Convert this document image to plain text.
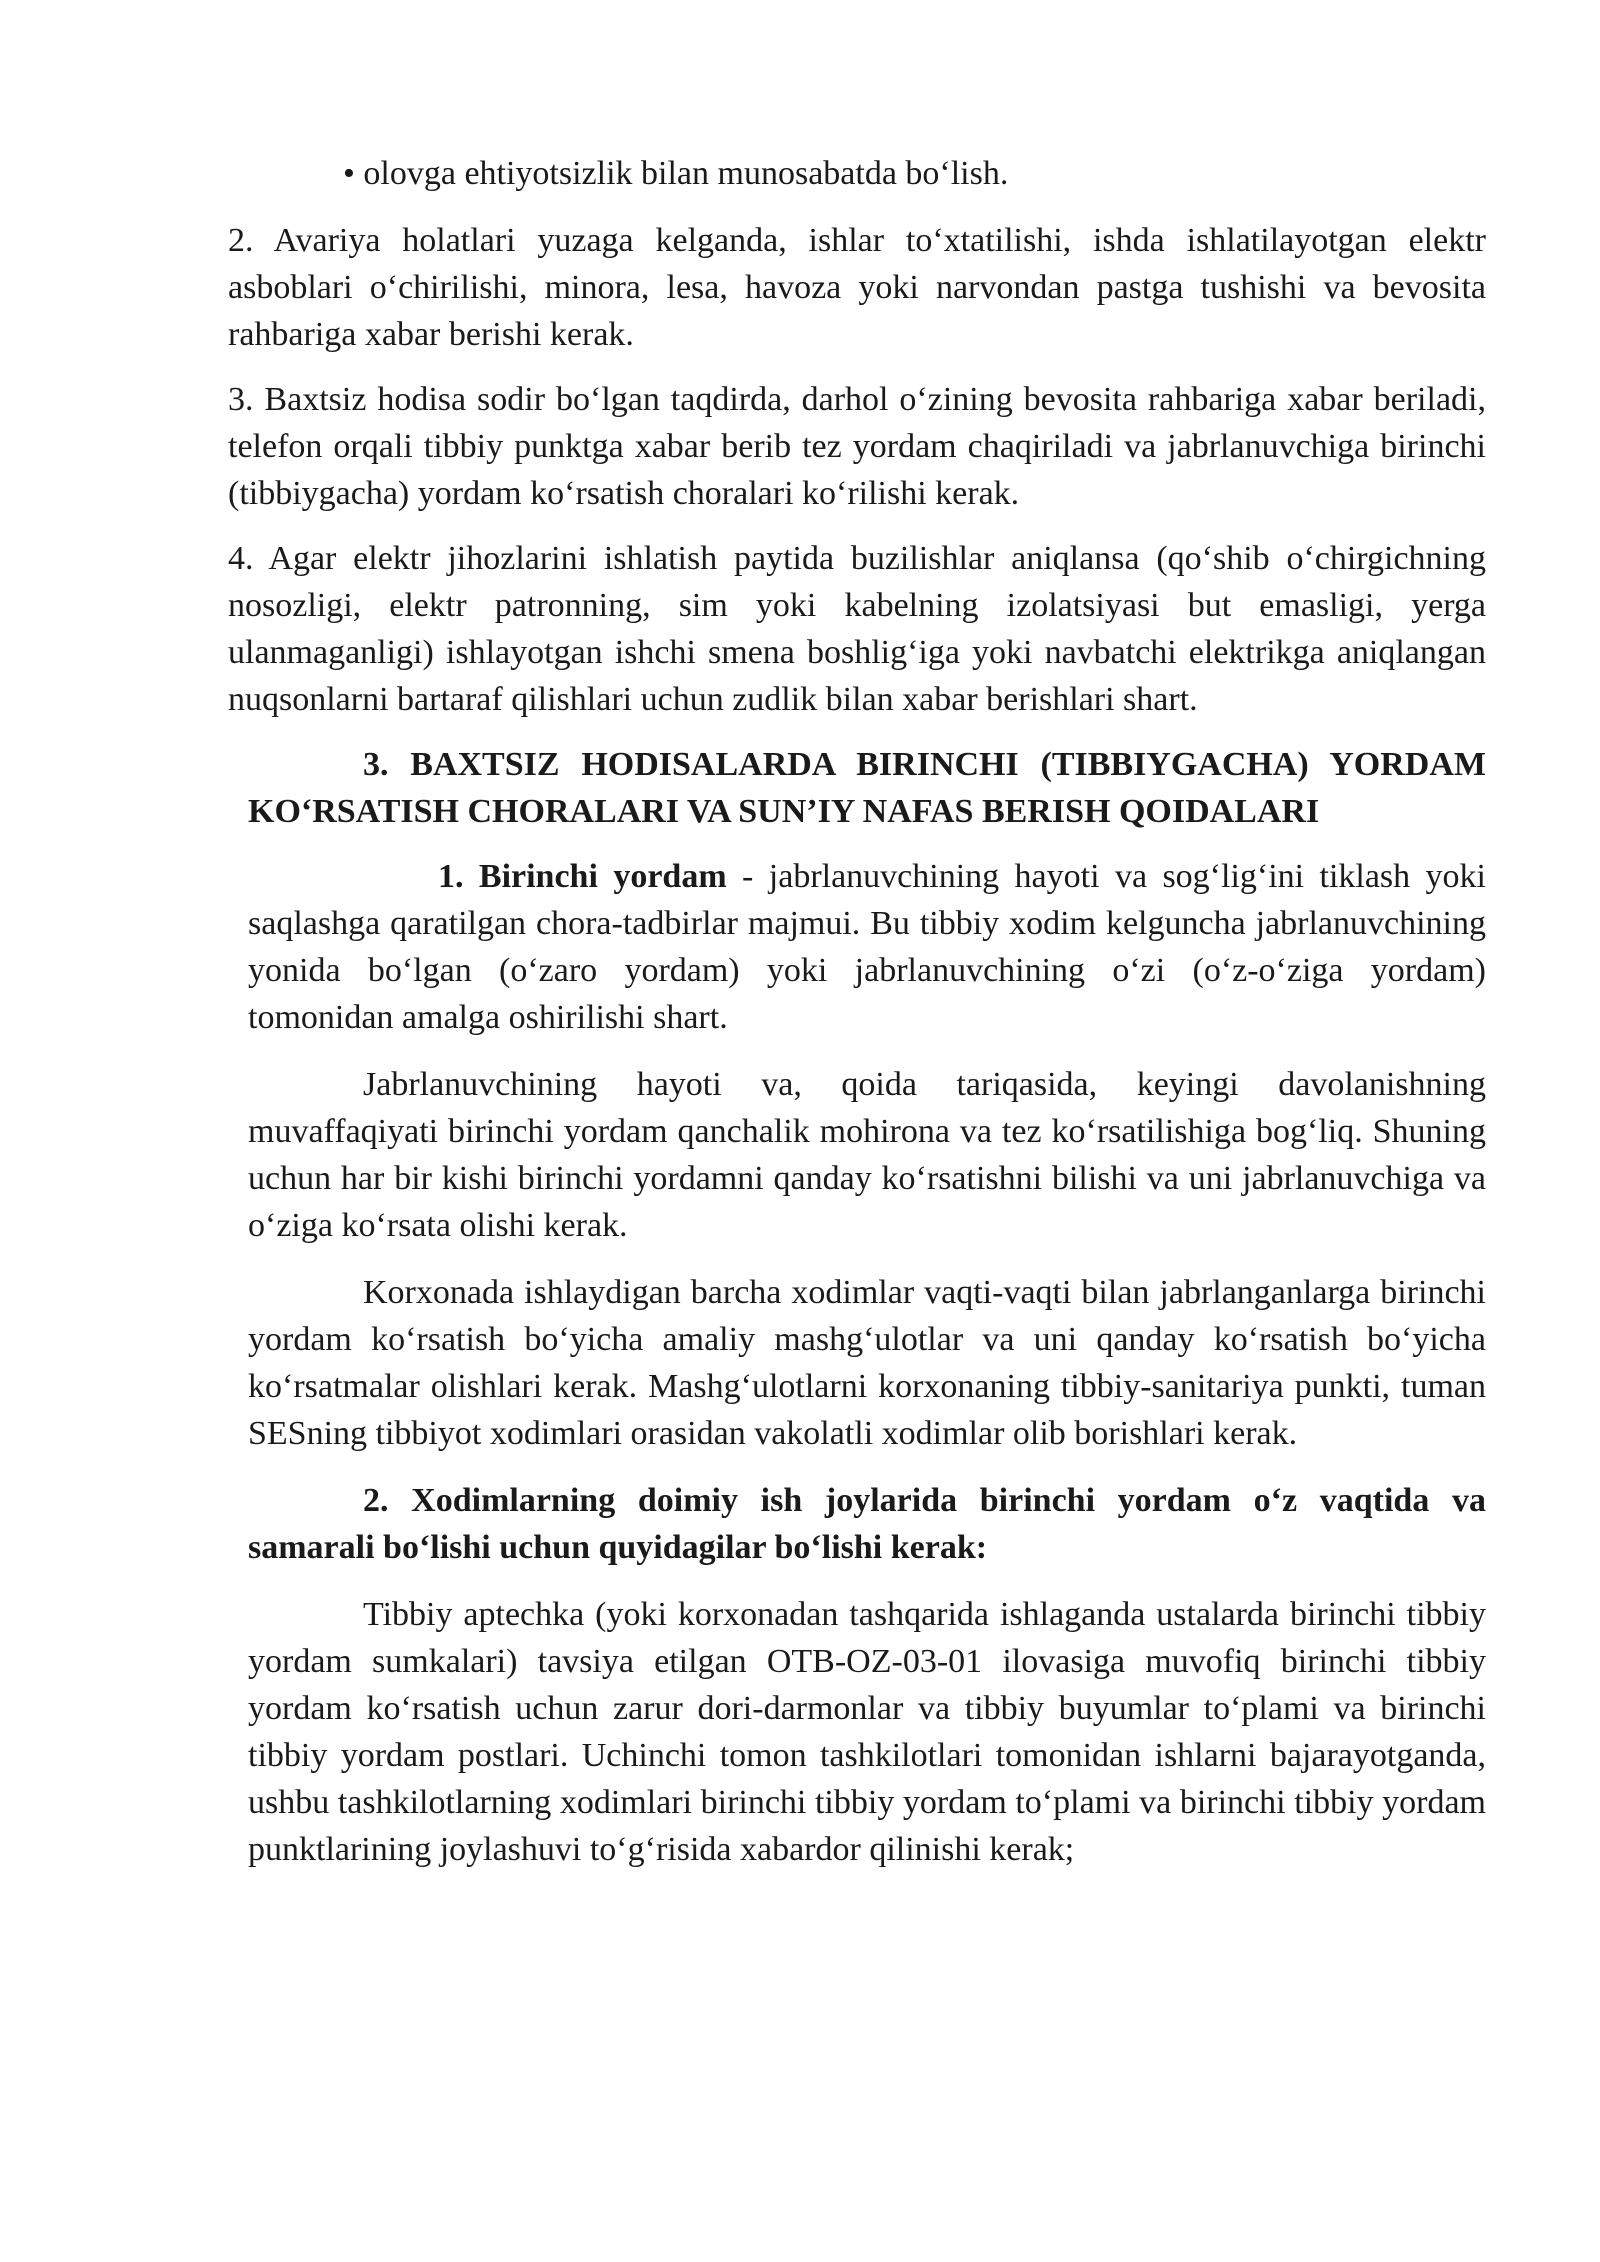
• olovga ehtiyotsizlik bilan munosabatda bo‘lish.

2. Avariya holatlari yuzaga kelganda, ishlar to‘xtatilishi, ishda ishlatilayotgan elektr asboblari o‘chirilishi, minora, lesa, havoza yoki narvondan pastga tushishi va bevosita rahbariga xabar berishi kerak.

3. Baxtsiz hodisa sodir bo‘lgan taqdirda, darhol o‘zining bevosita rahbariga xabar beriladi, telefon orqali tibbiy punktga xabar berib tez yordam chaqiriladi va jabrlanuvchiga birinchi (tibbiygacha) yordam ko‘rsatish choralari ko‘rilishi kerak.

4. Agar elektr jihozlarini ishlatish paytida buzilishlar aniqlansa (qo‘shib o‘chirgichning nosozligi, elektr patronning, sim yoki kabelning izolatsiyasi but emasligi, yerga ulanmaganligi) ishlayotgan ishchi smena boshlig‘iga yoki navbatchi elektrikga aniqlangan nuqsonlarni bartaraf qilishlari uchun zudlik bilan xabar berishlari shart.

3. BAXTSIZ HODISALARDA BIRINCHI (TIBBIYGACHA) YORDAM KO‘RSATISH CHORALARI VA SUN’IY NAFAS BERISH QOIDALARI

1. Birinchi yordam - jabrlanuvchining hayoti va sog‘lig‘ini tiklash yoki saqlashga qaratilgan chora-tadbirlar majmui. Bu tibbiy xodim kelguncha jabrlanuvchining yonida bo‘lgan (o‘zaro yordam) yoki jabrlanuvchining o‘zi (o‘z-o‘ziga yordam) tomonidan amalga oshirilishi shart.

Jabrlanuvchining hayoti va, qoida tariqasida, keyingi davolanishning muvaffaqiyati birinchi yordam qanchalik mohirona va tez ko‘rsatilishiga bog‘liq. Shuning uchun har bir kishi birinchi yordamni qanday ko‘rsatishni bilishi va uni jabrlanuvchiga va o‘ziga ko‘rsata olishi kerak.

Korxonada ishlaydigan barcha xodimlar vaqti-vaqti bilan jabrlanganlarga birinchi yordam ko‘rsatish bo‘yicha amaliy mashg‘ulotlar va uni qanday ko‘rsatish bo‘yicha ko‘rsatmalar olishlari kerak. Mashg‘ulotlarni korxonaning tibbiy-sanitariya punkti, tuman SESning tibbiyot xodimlari orasidan vakolatli xodimlar olib borishlari kerak.

2. Xodimlarning doimiy ish joylarida birinchi yordam o‘z vaqtida va samarali bo‘lishi uchun quyidagilar bo‘lishi kerak:

Tibbiy aptechka (yoki korxonadan tashqarida ishlaganda ustalarda birinchi tibbiy yordam sumkalari) tavsiya etilgan OTB-OZ-03-01 ilovasiga muvofiq birinchi tibbiy yordam ko‘rsatish uchun zarur dori-darmonlar va tibbiy buyumlar to‘plami va birinchi tibbiy yordam postlari. Uchinchi tomon tashkilotlari tomonidan ishlarni bajarayotganda, ushbu tashkilotlarning xodimlari birinchi tibbiy yordam to‘plami va birinchi tibbiy yordam punktlarining joylashuvi to‘g‘risida xabardor qilinishi kerak;
